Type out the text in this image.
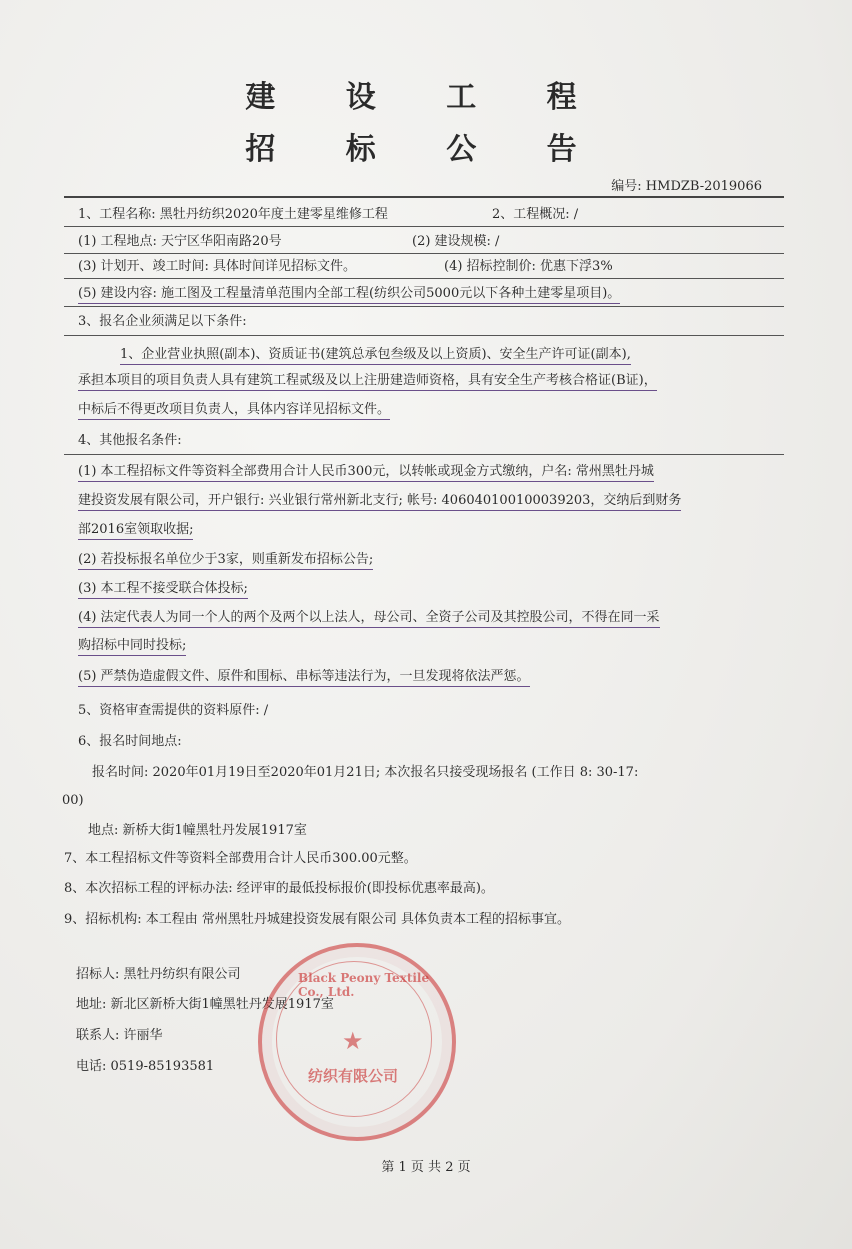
建 设 工 程
招 标 公 告
编号: HMDZB-2019066
1、工程名称: 黑牡丹纺织2020年度土建零星维修工程	2、工程概况: /
(1) 工程地点: 天宁区华阳南路20号	(2) 建设规模: /
(3) 计划开、竣工时间: 具体时间详见招标文件。	(4) 招标控制价: 优惠下浮3%
(5) 建设内容: 施工图及工程量清单范围内全部工程(纺织公司5000元以下各种土建零星项目)。
3、报名企业须满足以下条件:
1、企业营业执照(副本)、资质证书(建筑总承包叁级及以上资质)、安全生产许可证(副本),
承担本项目的项目负责人具有建筑工程贰级及以上注册建造师资格，具有安全生产考核合格证(B证)，
中标后不得更改项目负责人，具体内容详见招标文件。
4、其他报名条件:
(1) 本工程招标文件等资料全部费用合计人民币300元，以转帐或现金方式缴纳，户名: 常州黑牡丹城
建投资发展有限公司，开户银行: 兴业银行常州新北支行; 帐号: 406040100100039203，交纳后到财务
部2016室领取收据;
(2) 若投标报名单位少于3家，则重新发布招标公告;
(3) 本工程不接受联合体投标;
(4) 法定代表人为同一个人的两个及两个以上法人，母公司、全资子公司及其控股公司，不得在同一采
购招标中同时投标;
(5) 严禁伪造虚假文件、原件和围标、串标等违法行为，一旦发现将依法严惩。
5、资格审查需提供的资料原件: /
6、报名时间地点:
报名时间: 2020年01月19日至2020年01月21日; 本次报名只接受现场报名 (工作日 8: 30-17:
00)
地点: 新桥大街1幢黑牡丹发展1917室
7、本工程招标文件等资料全部费用合计人民币300.00元整。
8、本次招标工程的评标办法: 经评审的最低投标报价(即投标优惠率最高)。
9、招标机构: 本工程由 常州黑牡丹城建投资发展有限公司 具体负责本工程的招标事宜。
招标人: 黑牡丹纺织有限公司
地址: 新北区新桥大街1幢黑牡丹发展1917室
联系人: 许丽华
电话: 0519-85193581
Black Peony Textile Co., Ltd.
★
纺织有限公司
第 1 页 共 2 页
